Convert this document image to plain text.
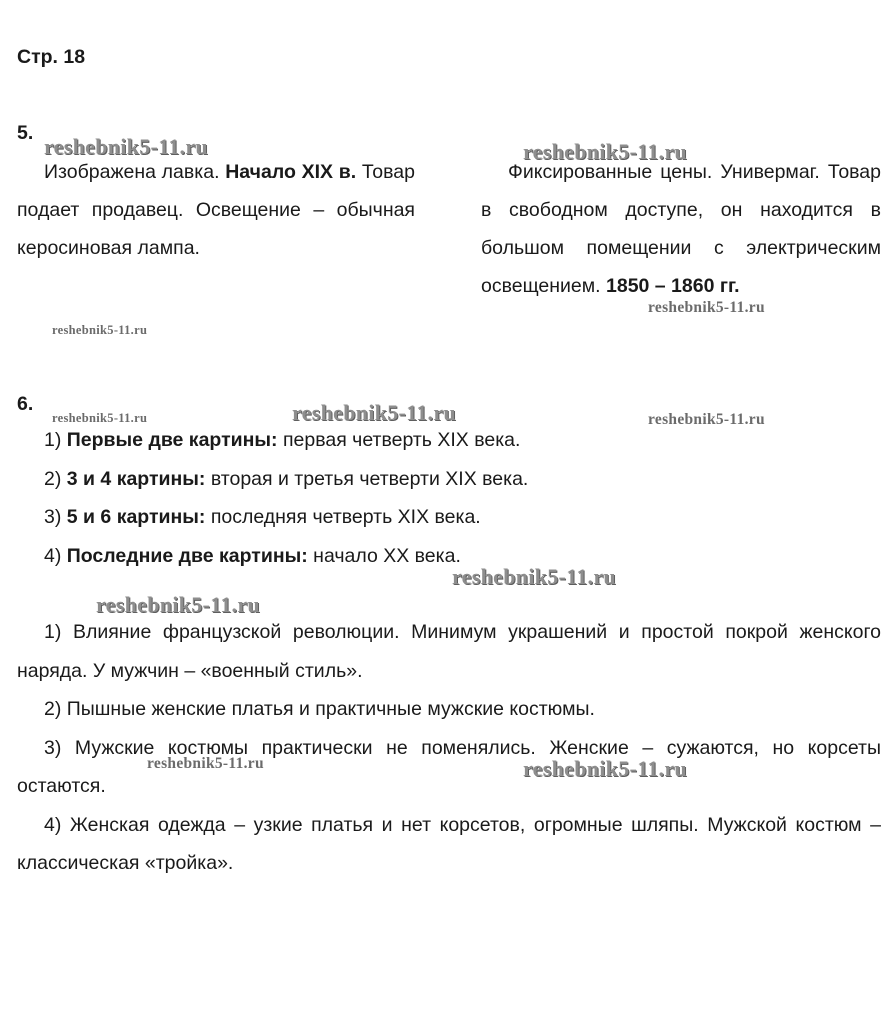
Стр. 18
5.

Изображена лавка. Начало XIX в. Товар подает продавец. Освещение – обычная керосиновая лампа.

Фиксированные цены. Универмаг. Товар в свободном доступе, он находится в большом помещении с электрическим освещением. 1850 – 1860 гг.

6.

1) Первые две картины: первая четверть XIX века.

2) 3 и 4 картины: вторая и третья четверти XIX века.

3) 5 и 6 картины: последняя четверть XIX века.

4) Последние две картины: начало XX века.

1) Влияние французской революции. Минимум украшений и простой покрой женского наряда. У мужчин – «военный стиль».

2) Пышные женские платья и практичные мужские костюмы.

3) Мужские костюмы практически не поменялись. Женские – сужаются, но корсеты остаются.

4) Женская одежда – узкие платья и нет корсетов, огромные шляпы. Мужской костюм – классическая «тройка».

reshebnik5-11.ru	reshebnik5-11.ru
reshebnik5-11.ru
reshebnik5-11.ru
reshebnik5-11.ru	reshebnik5-11.ru	reshebnik5-11.ru
reshebnik5-11.ru
reshebnik5-11.ru
reshebnik5-11.ru	reshebnik5-11.ru
